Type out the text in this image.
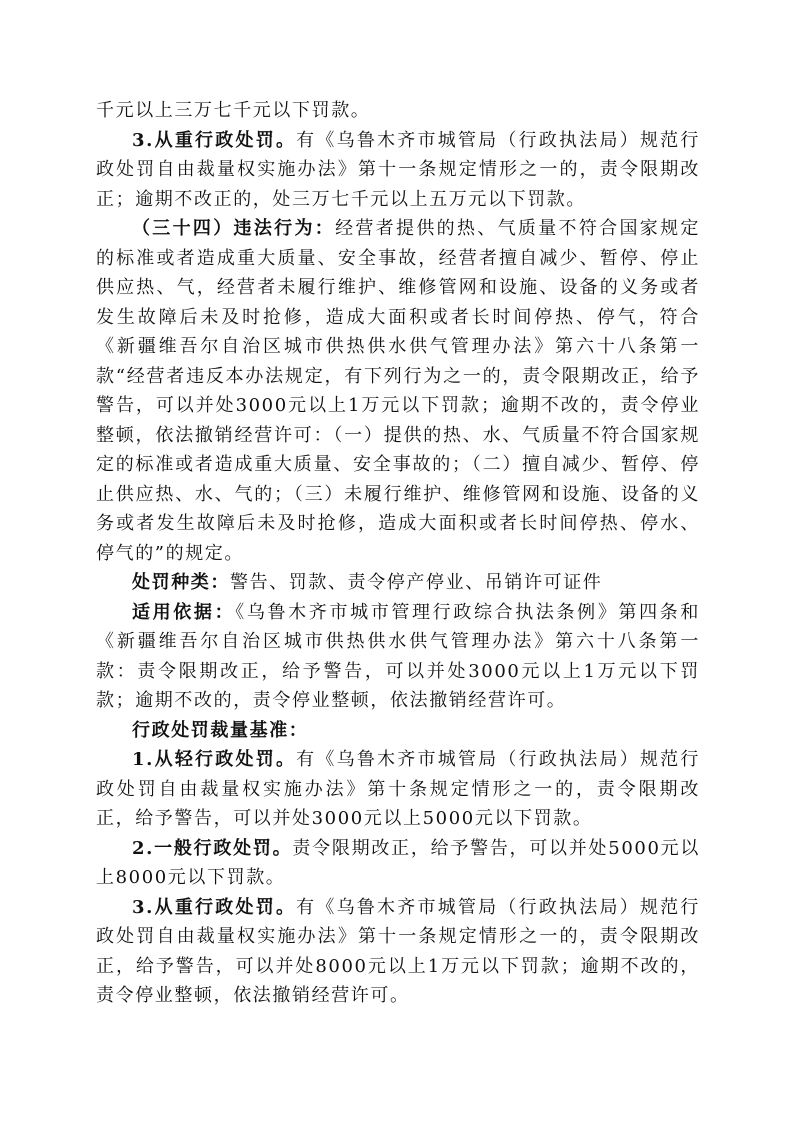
千元以上三万七千元以下罚款。

3.从重行政处罚。有《乌鲁木齐市城管局（行政执法局）规范行政处罚自由裁量权实施办法》第十一条规定情形之一的，责令限期改正；逾期不改正的，处三万七千元以上五万元以下罚款。

（三十四）违法行为：经营者提供的热、气质量不符合国家规定的标准或者造成重大质量、安全事故，经营者擅自减少、暂停、停止供应热、气，经营者未履行维护、维修管网和设施、设备的义务或者发生故障后未及时抢修，造成大面积或者长时间停热、停气，符合《新疆维吾尔自治区城市供热供水供气管理办法》第六十八条第一款“经营者违反本办法规定，有下列行为之一的，责令限期改正，给予警告，可以并处3000元以上1万元以下罚款；逾期不改的，责令停业整顿，依法撤销经营许可：（一）提供的热、水、气质量不符合国家规定的标准或者造成重大质量、安全事故的；（二）擅自减少、暂停、停止供应热、水、气的；（三）未履行维护、维修管网和设施、设备的义务或者发生故障后未及时抢修，造成大面积或者长时间停热、停水、停气的”的规定。

处罚种类：警告、罚款、责令停产停业、吊销许可证件

适用依据：《乌鲁木齐市城市管理行政综合执法条例》第四条和《新疆维吾尔自治区城市供热供水供气管理办法》第六十八条第一款：责令限期改正，给予警告，可以并处3000元以上1万元以下罚款；逾期不改的，责令停业整顿，依法撤销经营许可。

行政处罚裁量基准：

1.从轻行政处罚。有《乌鲁木齐市城管局（行政执法局）规范行政处罚自由裁量权实施办法》第十条规定情形之一的，责令限期改正，给予警告，可以并处3000元以上5000元以下罚款。

2.一般行政处罚。责令限期改正，给予警告，可以并处5000元以上8000元以下罚款。

3.从重行政处罚。有《乌鲁木齐市城管局（行政执法局）规范行政处罚自由裁量权实施办法》第十一条规定情形之一的，责令限期改正，给予警告，可以并处8000元以上1万元以下罚款；逾期不改的，责令停业整顿，依法撤销经营许可。
